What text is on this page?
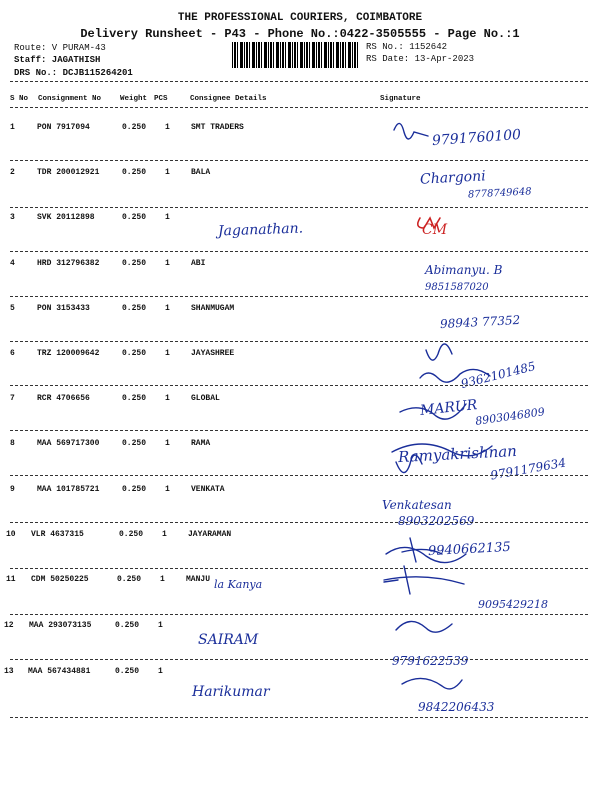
THE PROFESSIONAL COURIERS, COIMBATORE
Delivery Runsheet - P43 - Phone No.:0422-3505555 - Page No.:1
Route: V PURAM-43
Staff: JAGATHISH
DRS No.: DCJB115264201
RS No.: 1152642
RS Date: 13-Apr-2023
S No Consignment No	Weight PCS	Consignee Details	Signature
1	PON 7917094	0.250 1	SMT TRADERS	9791760100
2	TDR 200012921	0.250 1	BALA	Chargoni
8778749648
3	SVK 20112898	0.250 1
Jaganathan.	CM
4	HRD 312796382	0.250 1	ABI	Abimanyu. B
9851587020
5	PON 3153433	0.250 1	SHANMUGAM
98943 77352
6	TRZ 120009642	0.250 1	JAYASHREE
9362101485
7	RCR 4706656	0.250 1	GLOBAL	MARUR
8903046809
8	MAA 569717300	0.250 1	RAMA	Ramyakrishnan
9791179634
9	MAA 101785721	0.250 1	VENKATA
Venkatesan
8903202569
10 VLR 4637315	0.250 1	JAYARAMAN
9940662135
11 CDM 50250225	0.250 1	MANJU la Kanya
9095429218
12 MAA 293073135	0.250 1
SAIRAM
9791622539
13 MAA 567434881	0.250 1
Harikumar
9842206433
